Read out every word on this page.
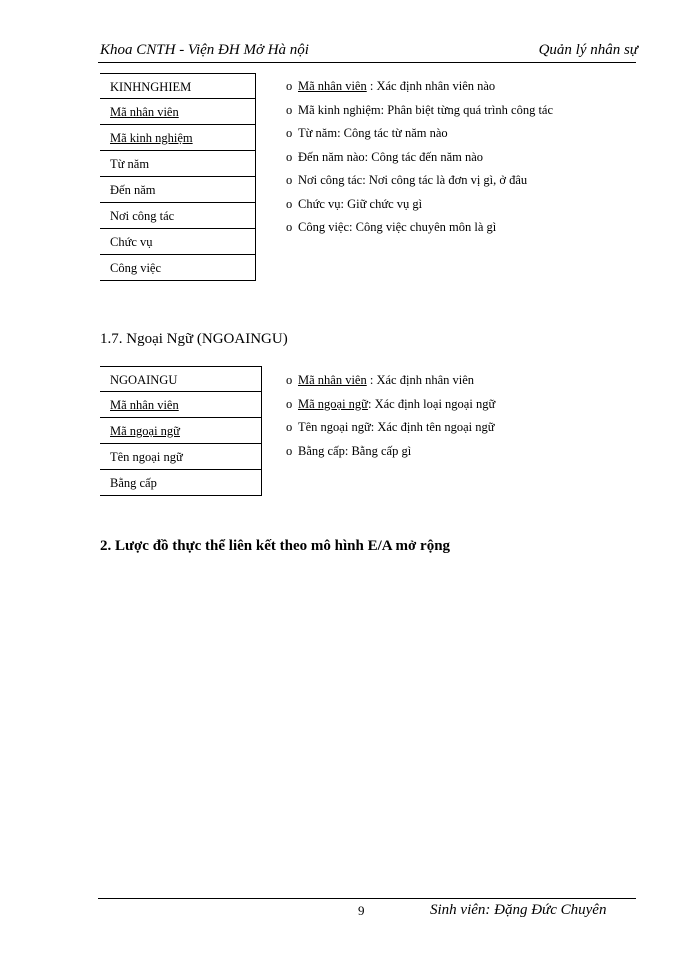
Khoa CNTH - Viện ĐH Mở Hà nội	Quản lý nhân sự
KINHNGHIEM
Mã nhân viên
Mã kinh nghiệm
Từ năm
Đến năm
Nơi công tác
Chức vụ
Công việc
o Mã nhân viên : Xác định nhân viên nào
o Mã kinh nghiệm: Phân biệt từng quá trình công tác
o Từ năm: Công tác từ năm nào
o Đến năm nào: Công tác đến năm nào
o Nơi công tác: Nơi công tác là đơn vị gì, ở đâu
o Chức vụ: Giữ chức vụ gì
o Công việc: Công việc chuyên môn là gì
1.7. Ngoại Ngữ (NGOAINGU)
NGOAINGU
Mã nhân viên
Mã ngoại ngữ
Tên ngoại ngữ
Bằng cấp
o Mã nhân viên : Xác định nhân viên
o Mã ngoại ngữ: Xác định loại ngoại ngữ
o Tên ngoại ngữ: Xác định tên ngoại ngữ
o Bằng cấp: Bằng cấp gì
2. Lược đồ thực thể liên kết theo mô hình E/A mở rộng
9	Sinh viên: Đặng Đức Chuyên
